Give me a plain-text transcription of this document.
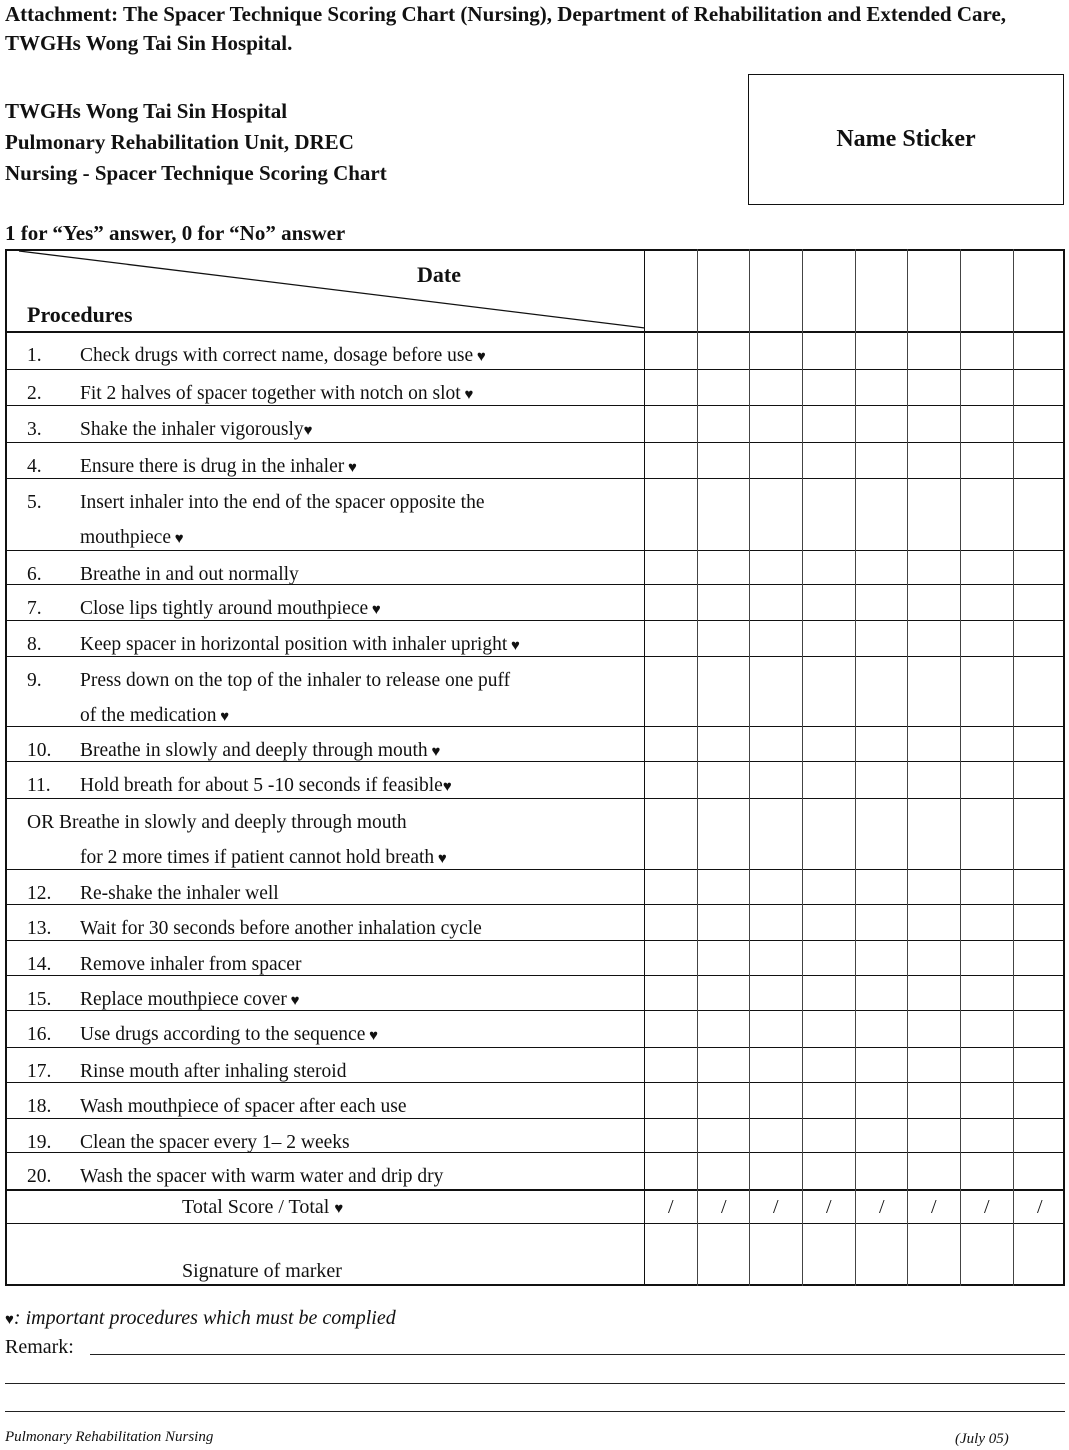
Attachment: The Spacer Technique Scoring Chart (Nursing), Department of Rehabilitation and Extended Care, TWGHs Wong Tai Sin Hospital.
TWGHs Wong Tai Sin Hospital
Pulmonary Rehabilitation Unit, DREC
Nursing - Spacer Technique Scoring Chart
Name Sticker
1 for “Yes” answer, 0 for “No” answer
Date
Procedures
1. Check drugs with correct name, dosage before use ♥
2. Fit 2 halves of spacer together with notch on slot ♥
3. Shake the inhaler vigorously♥
4. Ensure there is drug in the inhaler ♥
5. Insert inhaler into the end of the spacer opposite the
mouthpiece ♥
6. Breathe in and out normally
7. Close lips tightly around mouthpiece ♥
8. Keep spacer in horizontal position with inhaler upright ♥
9. Press down on the top of the inhaler to release one puff
of the medication ♥
10. Breathe in slowly and deeply through mouth ♥
11. Hold breath for about 5 -10 seconds if feasible♥
OR Breathe in slowly and deeply through mouth
for 2 more times if patient cannot hold breath ♥
12. Re-shake the inhaler well
13. Wait for 30 seconds before another inhalation cycle
14. Remove inhaler from spacer
15. Replace mouthpiece cover ♥
16. Use drugs according to the sequence ♥
17. Rinse mouth after inhaling steroid
18. Wash mouthpiece of spacer after each use
19. Clean the spacer every 1– 2 weeks
20. Wash the spacer with warm water and drip dry
Total Score / Total ♥	/ / / / / / / /
Signature of marker
♥: important procedures which must be complied
Remark:
Pulmonary Rehabilitation Nursing	(July 05)
